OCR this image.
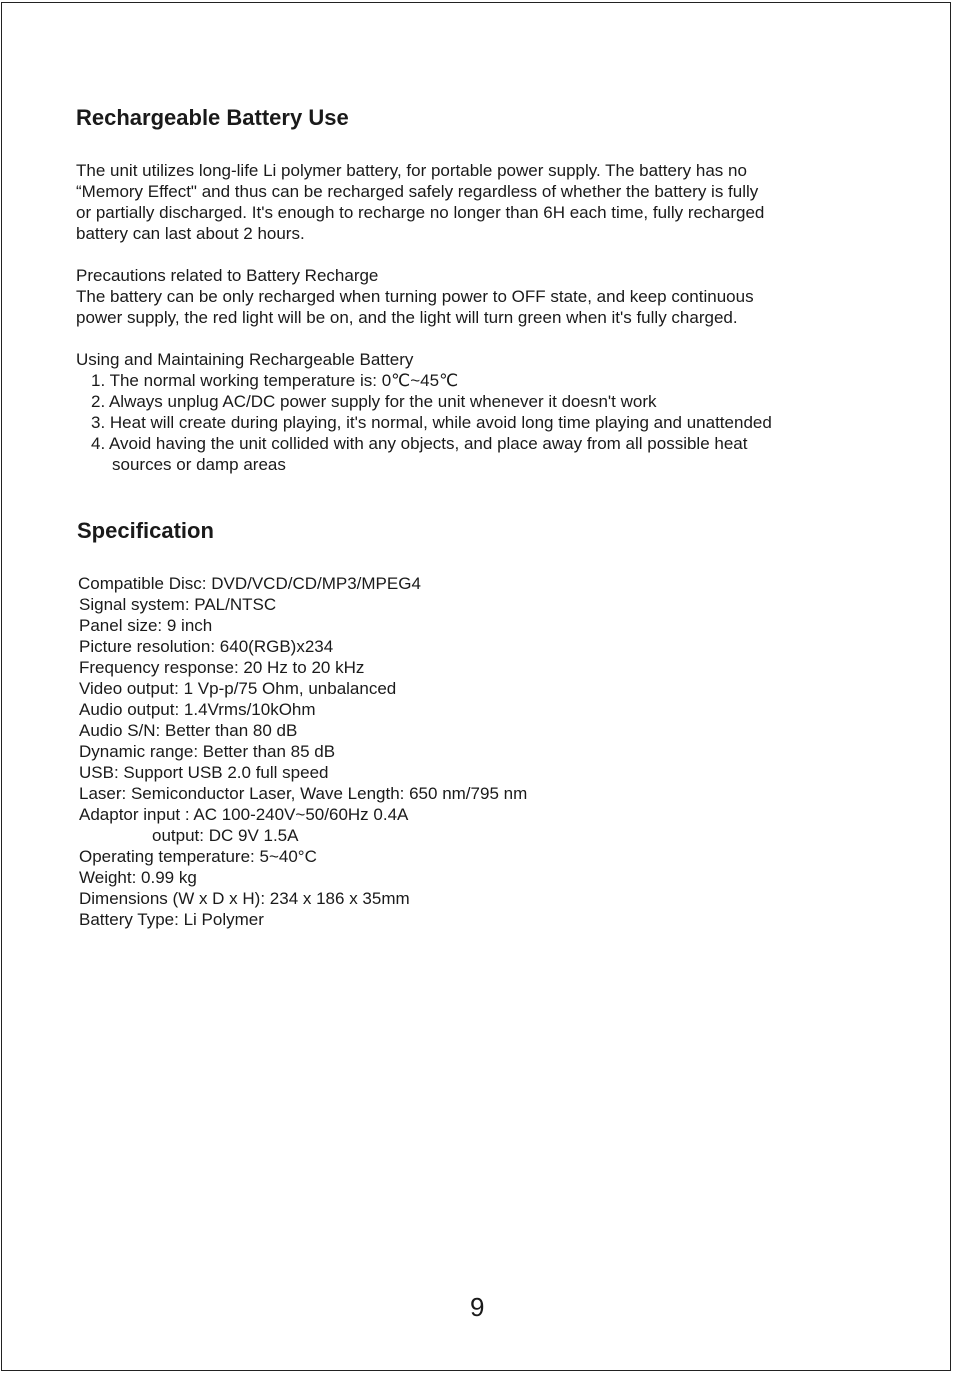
Rechargeable Battery Use

The unit utilizes long-life Li polymer battery, for portable power supply. The battery has no

“Memory Effect" and thus can be recharged safely regardless of whether the battery is fully

or partially discharged. It's enough to recharge no longer than 6H each time, fully recharged

battery can last about 2 hours.

Precautions related to Battery Recharge

The battery can be only recharged when turning power to OFF state, and keep continuous

power supply, the red light will be on, and the light will turn green when it's fully charged.

Using and Maintaining Rechargeable Battery

1. The normal working temperature is: 0℃~45℃

2. Always unplug AC/DC power supply for the unit whenever it doesn't work

3. Heat will create during playing, it's normal, while avoid long time playing and unattended

4. Avoid having the unit collided with any objects, and place away from all possible heat

sources or damp areas

Specification

Compatible Disc: DVD/VCD/CD/MP3/MPEG4

Signal system: PAL/NTSC

Panel size: 9 inch

Picture resolution: 640(RGB)x234

Frequency response: 20 Hz to 20 kHz

Video output: 1 Vp-p/75 Ohm, unbalanced

Audio output: 1.4Vrms/10kOhm

Audio S/N: Better than 80 dB

Dynamic range: Better than 85 dB

USB: Support USB 2.0 full speed

Laser: Semiconductor Laser, Wave Length: 650 nm/795 nm

Adaptor input : AC 100-240V~50/60Hz 0.4A

output: DC 9V 1.5A

Operating temperature: 5~40°C

Weight: 0.99 kg

Dimensions (W x D x H): 234 x 186 x 35mm

Battery Type: Li Polymer

9
